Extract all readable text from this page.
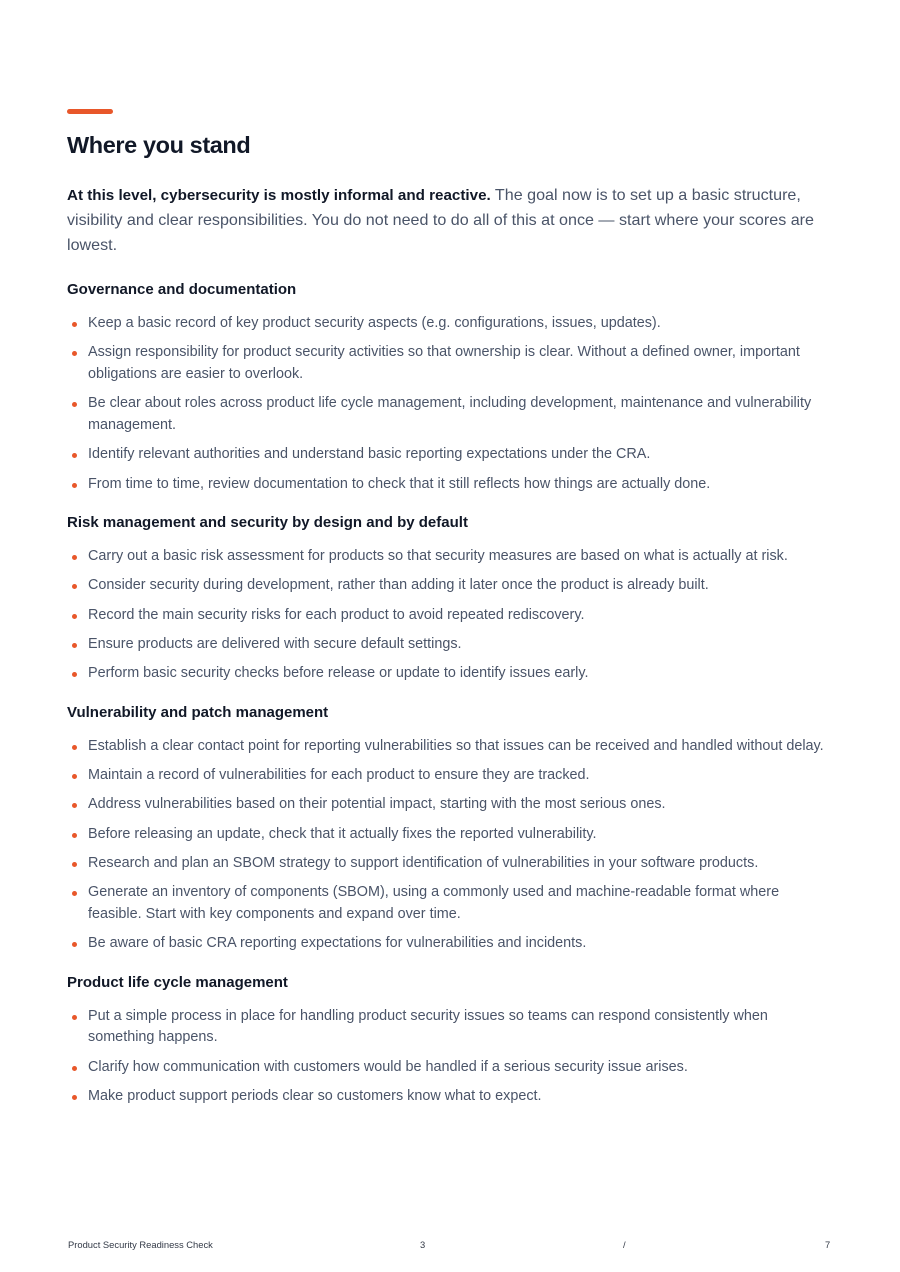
Where you stand

At this level, cybersecurity is mostly informal and reactive. The goal now is to set up a basic structure, visibility and clear responsibilities. You do not need to do all of this at once — start where your scores are lowest.

Governance and documentation
Keep a basic record of key product security aspects (e.g. configurations, issues, updates).
Assign responsibility for product security activities so that ownership is clear. Without a defined owner, important obligations are easier to overlook.
Be clear about roles across product life cycle management, including development, maintenance and vulnerability management.
Identify relevant authorities and understand basic reporting expectations under the CRA.
From time to time, review documentation to check that it still reflects how things are actually done.
Risk management and security by design and by default
Carry out a basic risk assessment for products so that security measures are based on what is actually at risk.
Consider security during development, rather than adding it later once the product is already built.
Record the main security risks for each product to avoid repeated rediscovery.
Ensure products are delivered with secure default settings.
Perform basic security checks before release or update to identify issues early.
Vulnerability and patch management
Establish a clear contact point for reporting vulnerabilities so that issues can be received and handled without delay.
Maintain a record of vulnerabilities for each product to ensure they are tracked.
Address vulnerabilities based on their potential impact, starting with the most serious ones.
Before releasing an update, check that it actually fixes the reported vulnerability.
Research and plan an SBOM strategy to support identification of vulnerabilities in your software products.
Generate an inventory of components (SBOM), using a commonly used and machine-readable format where feasible. Start with key components and expand over time.
Be aware of basic CRA reporting expectations for vulnerabilities and incidents.
Product life cycle management
Put a simple process in place for handling product security issues so teams can respond consistently when something happens.
Clarify how communication with customers would be handled if a serious security issue arises.
Make product support periods clear so customers know what to expect.
Product Security Readiness Check	3	/	7
